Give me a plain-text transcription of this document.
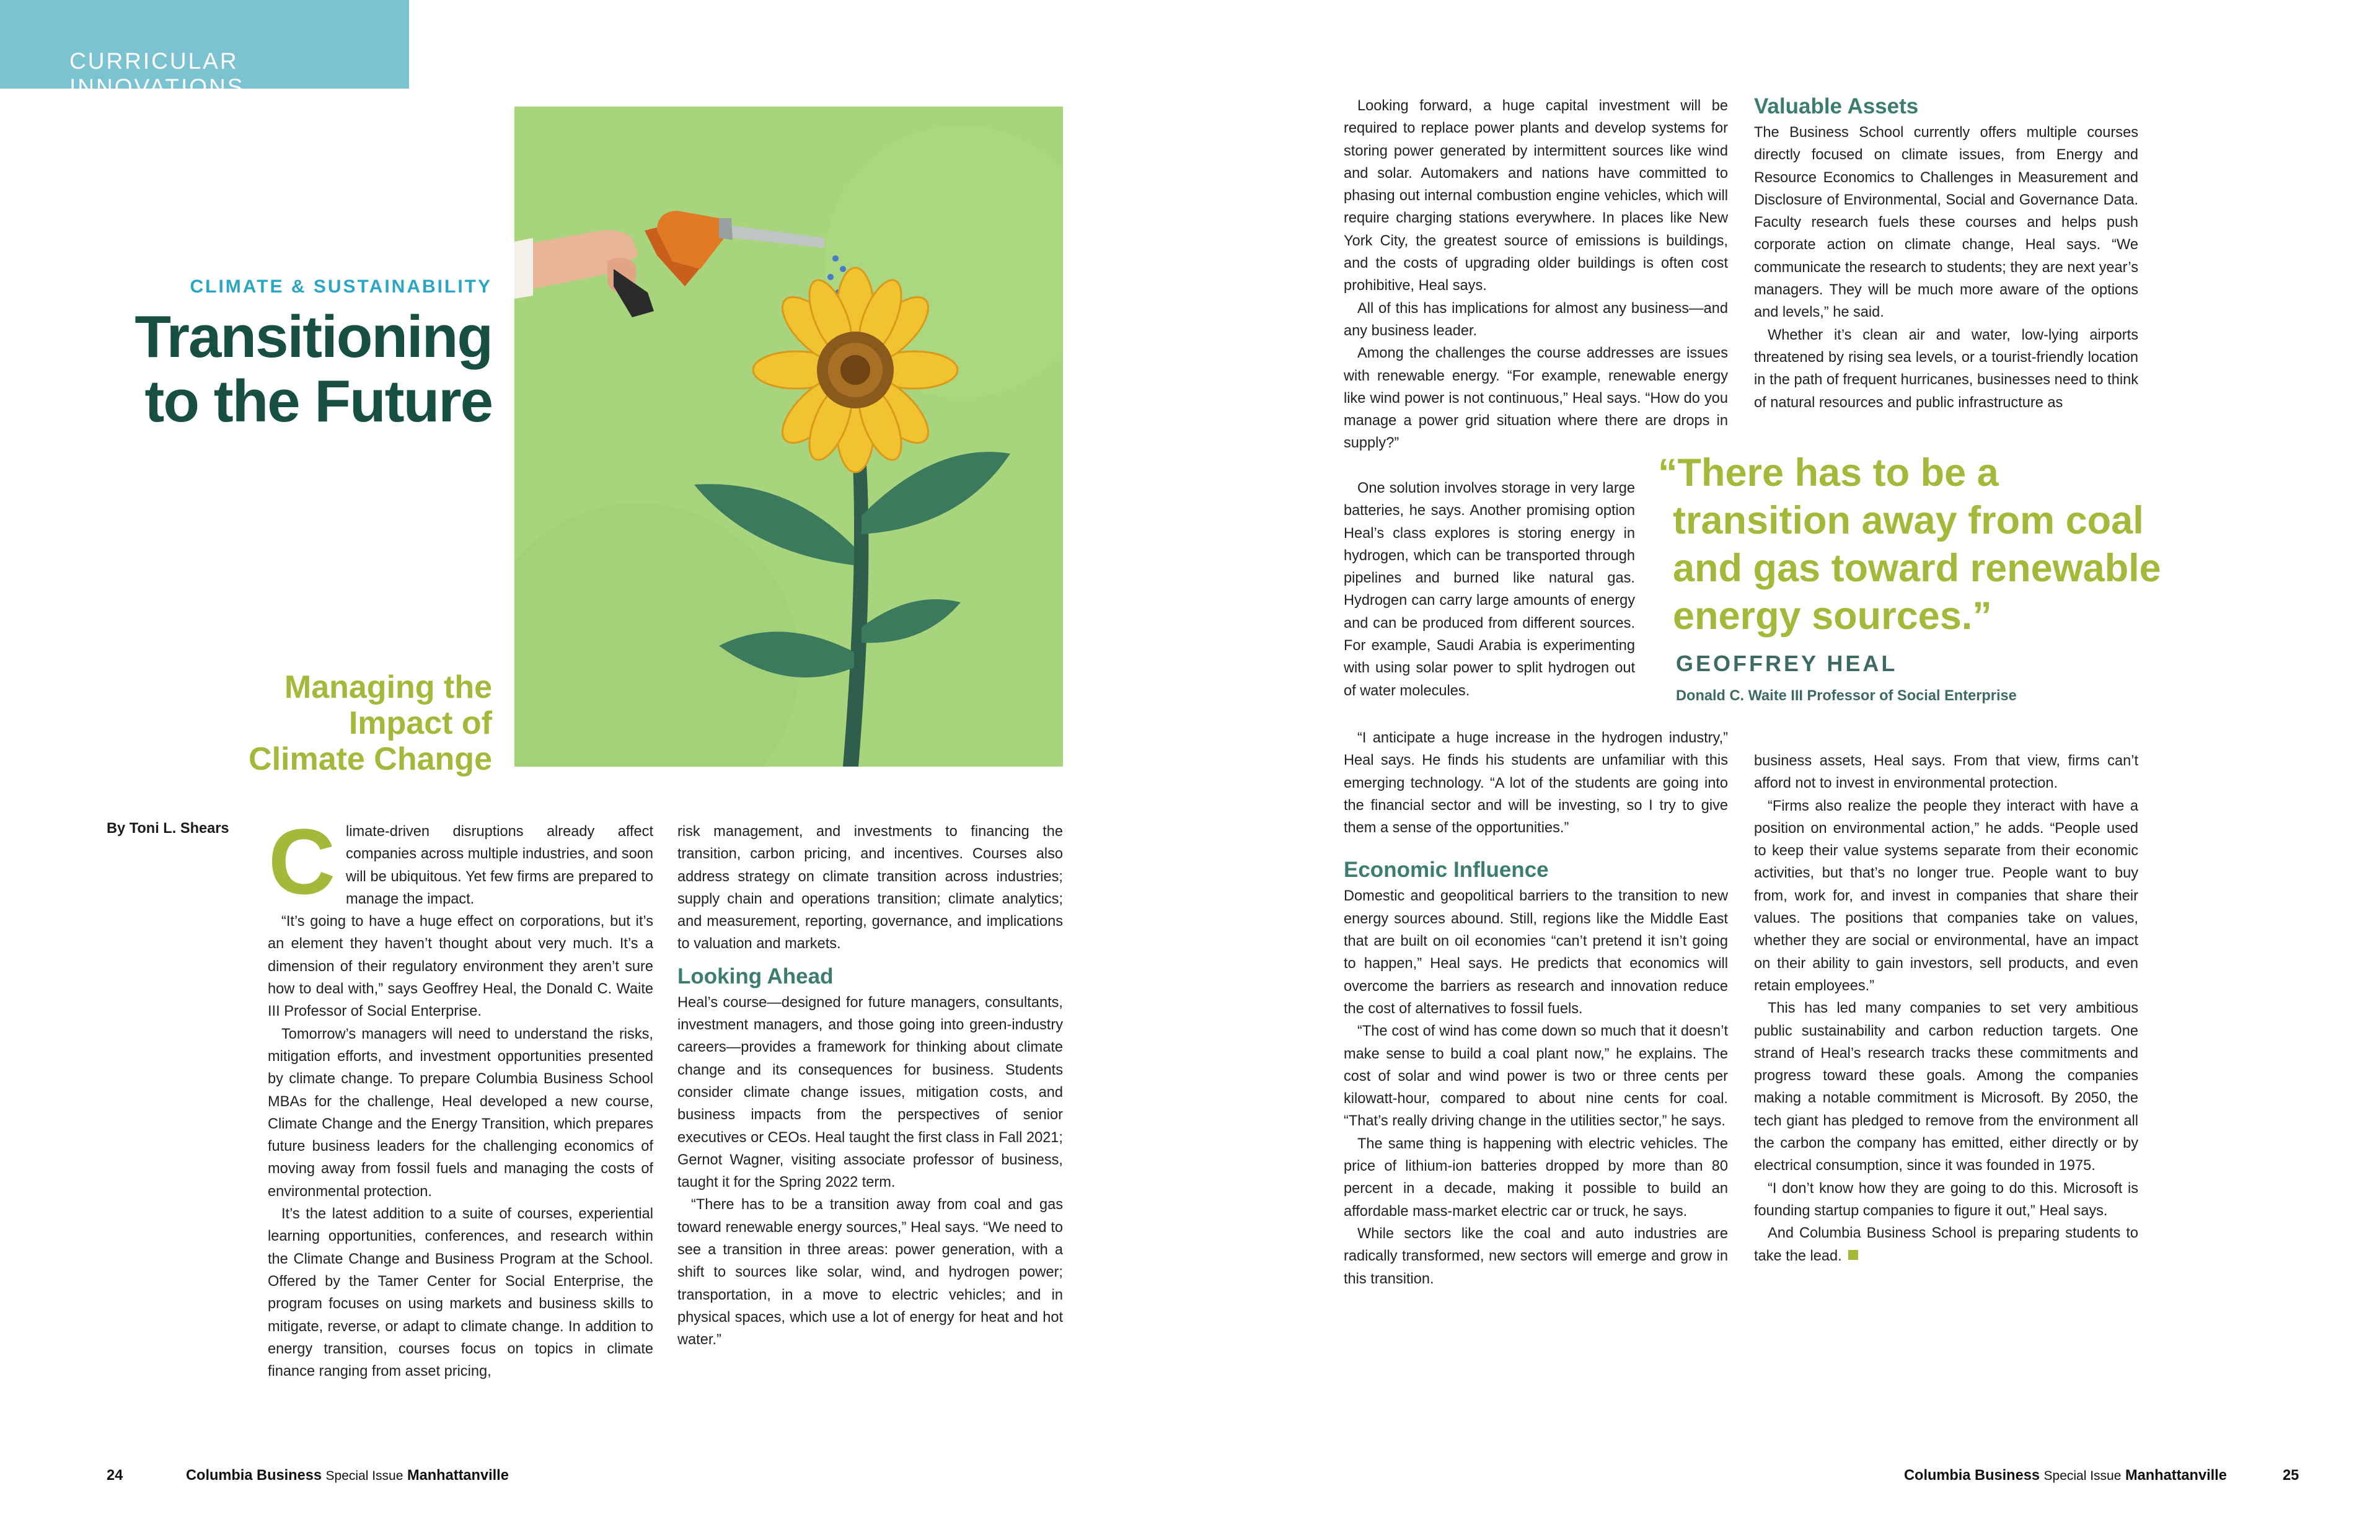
CURRICULAR INNOVATIONS
CLIMATE & SUSTAINABILITY
Transitioning
to the Future
Managing the
Impact of
Climate Change
By Toni L. Shears Climate-driven disruptions already affect companies across multiple industries, and soon will be ubiquitous. Yet few firms are prepared to manage the impact.

“It’s going to have a huge effect on corporations, but it’s an element they haven’t thought about very much. It’s a dimension of their regulatory environment they aren’t sure how to deal with,” says Geoffrey Heal, the Donald C. Waite III Professor of Social Enterprise.

Tomorrow’s managers will need to understand the risks, mitigation efforts, and investment opportunities presented by climate change. To prepare Columbia Business School MBAs for the challenge, Heal developed a new course, Climate Change and the Energy Transition, which prepares future business leaders for the challenging economics of moving away from fossil fuels and managing the costs of environmental protection.

It’s the latest addition to a suite of courses, experiential learning opportunities, conferences, and research within the Climate Change and Business Program at the School. Offered by the Tamer Center for Social Enterprise, the program focuses on using markets and business skills to mitigate, reverse, or adapt to climate change. In addition to energy transition, courses focus on topics in climate finance ranging from asset pricing,

risk management, and investments to financing the transition, carbon pricing, and incentives. Courses also address strategy on climate transition across industries; supply chain and operations transition; climate analytics; and measurement, reporting, governance, and implications to valuation and markets.

Looking Ahead

Heal’s course—designed for future managers, consultants, investment managers, and those going into green-industry careers—provides a framework for thinking about climate change and its consequences for business. Students consider climate change issues, mitigation costs, and business impacts from the perspectives of senior executives or CEOs. Heal taught the first class in Fall 2021; Gernot Wagner, visiting associate professor of business, taught it for the Spring 2022 term.

“There has to be a transition away from coal and gas toward renewable energy sources,” Heal says. “We need to see a transition in three areas: power generation, with a shift to sources like solar, wind, and hydrogen power; transportation, in a move to electric vehicles; and in physical spaces, which use a lot of energy for heat and hot water.”

Looking forward, a huge capital investment will be required to replace power plants and develop systems for storing power generated by intermittent sources like wind and solar. Automakers and nations have committed to phasing out internal combustion engine vehicles, which will require charging stations everywhere. In places like New York City, the greatest source of emissions is buildings, and the costs of upgrading older buildings is often cost prohibitive, Heal says.

All of this has implications for almost any business—and any business leader.

Among the challenges the course addresses are issues with renewable energy. “For example, renewable energy like wind power is not continuous,” Heal says. “How do you manage a power grid situation where there are drops in supply?”

One solution involves storage in very large batteries, he says. Another promising option Heal’s class explores is storing energy in hydrogen, which can be transported through pipelines and burned like natural gas. Hydrogen can carry large amounts of energy and can be produced from different sources. For example, Saudi Arabia is experimenting with using solar power to split hydrogen out of water molecules.

“I anticipate a huge increase in the hydrogen industry,” Heal says. He finds his students are unfamiliar with this emerging technology. “A lot of the students are going into the financial sector and will be investing, so I try to give them a sense of the opportunities.”

Economic Influence

Domestic and geopolitical barriers to the transition to new energy sources abound. Still, regions like the Middle East that are built on oil economies “can’t pretend it isn’t going to happen,” Heal says. He predicts that economics will overcome the barriers as research and innovation reduce the cost of alternatives to fossil fuels.

“The cost of wind has come down so much that it doesn’t make sense to build a coal plant now,” he explains. The cost of solar and wind power is two or three cents per kilowatt-hour, compared to about nine cents for coal. “That’s really driving change in the utilities sector,” he says.

The same thing is happening with electric vehicles. The price of lithium-ion batteries dropped by more than 80 percent in a decade, making it possible to build an affordable mass-market electric car or truck, he says.

While sectors like the coal and auto industries are radically transformed, new sectors will emerge and grow in this transition.

Valuable Assets

The Business School currently offers multiple courses directly focused on climate issues, from Energy and Resource Economics to Challenges in Measurement and Disclosure of Environmental, Social and Governance Data. Faculty research fuels these courses and helps push corporate action on climate change, Heal says. “We communicate the research to students; they are next year’s managers. They will be much more aware of the options and levels,” he said.

Whether it’s clean air and water, low-lying airports threatened by rising sea levels, or a tourist-friendly location in the path of frequent hurricanes, businesses need to think of natural resources and public infrastructure as

business assets, Heal says. From that view, firms can’t afford not to invest in environmental protection.

“Firms also realize the people they interact with have a position on environmental action,” he adds. “People used to keep their value systems separate from their economic activities, but that’s no longer true. People want to buy from, work for, and invest in companies that share their values. The positions that companies take on values, whether they are social or environmental, have an impact on their ability to gain investors, sell products, and even retain employees.”

This has led many companies to set very ambitious public sustainability and carbon reduction targets. One strand of Heal’s research tracks these commitments and progress toward these goals. Among the companies making a notable commitment is Microsoft. By 2050, the tech giant has pledged to remove from the environment all the carbon the company has emitted, either directly or by electrical consumption, since it was founded in 1975.

“I don’t know how they are going to do this. Microsoft is founding startup companies to figure it out,” Heal says.

And Columbia Business School is preparing students to take the lead.

“There has to be a
transition away from coal
and gas toward renewable
energy sources.”
GEOFFREY HEAL
Donald C. Waite III Professor of Social Enterprise
24	Columbia Business Special Issue Manhattanville	Columbia Business Special Issue Manhattanville	25
